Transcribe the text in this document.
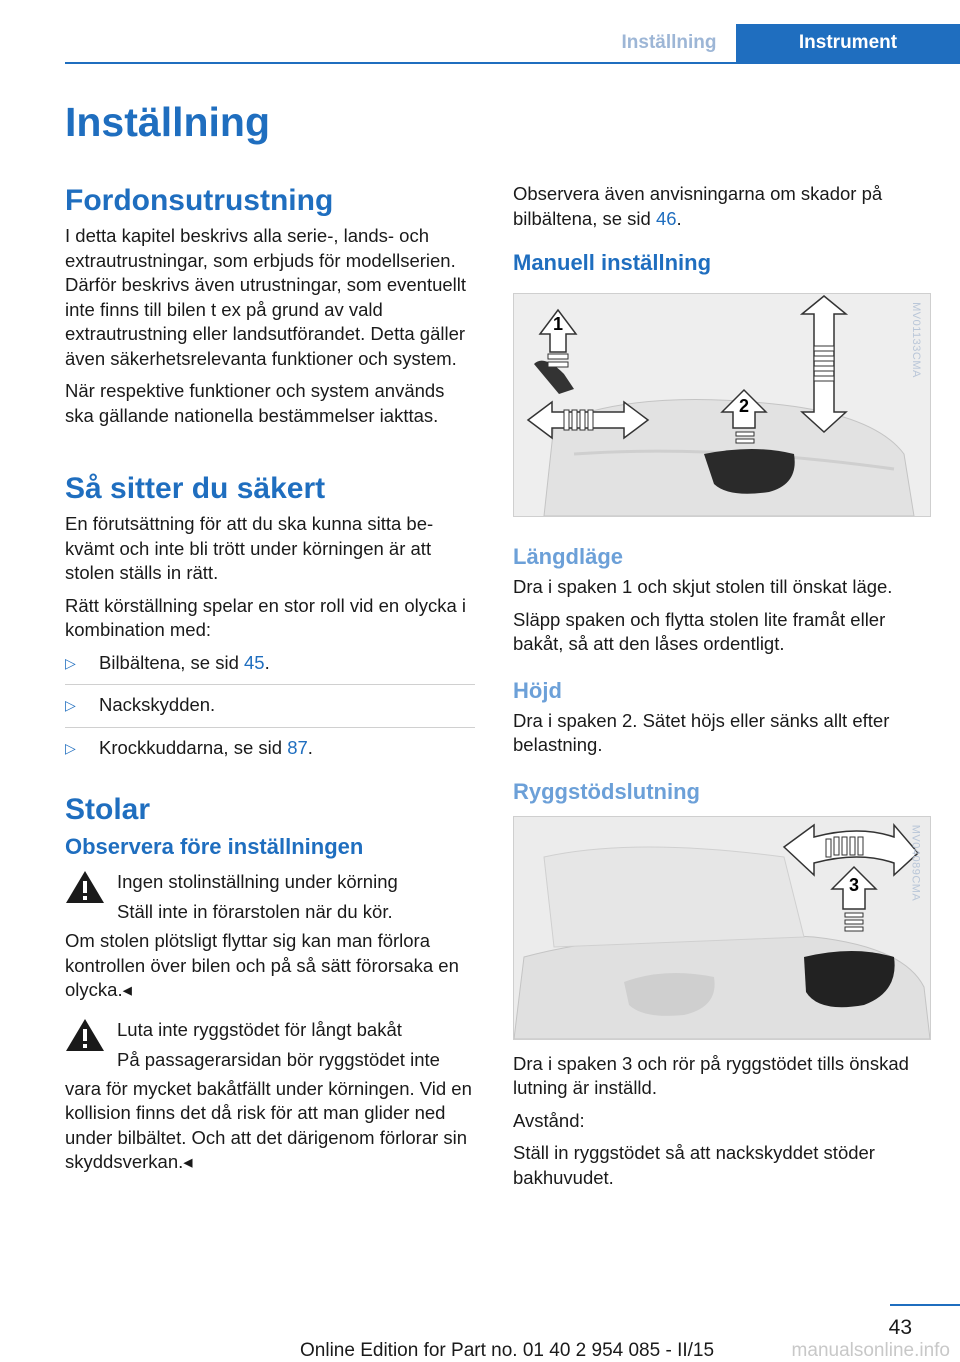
Inställning	Instrument
Inställning
Fordonsutrustning

I detta kapitel beskrivs alla serie-, lands- och extrautrustningar, som erbjuds för modellserien. Därför beskrivs även utrustningar, som eventuellt inte finns till bilen t ex på grund av vald extrautrustning eller landsutförandet. Detta gäller även säkerhetsrelevanta funktioner och system.

När respektive funktioner och system används ska gällande nationella bestämmelser iakttas.

Så sitter du säkert

En förutsättning för att du ska kunna sitta bekvämt och inte bli trött under körningen är att stolen ställs in rätt.

Rätt körställning spelar en stor roll vid en olycka i kombination med:

▷ Bilbältena, se sid 45.
▷ Nackskydden.
▷ Krockkuddarna, se sid 87.
Stolar
Observera före inställningen

Ingen stolinställning under körning

Ställ inte in förarstolen när du kör.

Om stolen plötsligt flyttar sig kan man förlora kontrollen över bilen och på så sätt förorsaka en olycka.◂

Luta inte ryggstödet för långt bakåt

På passagerarsidan bör ryggstödet inte

vara för mycket bakåtfällt under körningen. Vid en kollision finns det då risk för att man glider ned under bilbältet. Och att det därigenom förlorar sin skyddsverkan.◂

Observera även anvisningarna om skador på bilbältena, se sid 46.

Manuell inställning
1
2
MV01133CMA
Längdläge

Dra i spaken 1 och skjut stolen till önskat läge.

Släpp spaken och flytta stolen lite framåt eller bakåt, så att den låses ordentligt.

Höjd

Dra i spaken 2. Sätet höjs eller sänks allt efter belastning.

Ryggstödslutning
3	MV04089CMA

Dra i spaken 3 och rör på ryggstödet tills önskad lutning är inställd.

Avstånd:

Ställ in ryggstödet så att nackskyddet stöder bakhuvudet.

43
Online Edition for Part no. 01 40 2 954 085 - II/15	manualsonline.info
